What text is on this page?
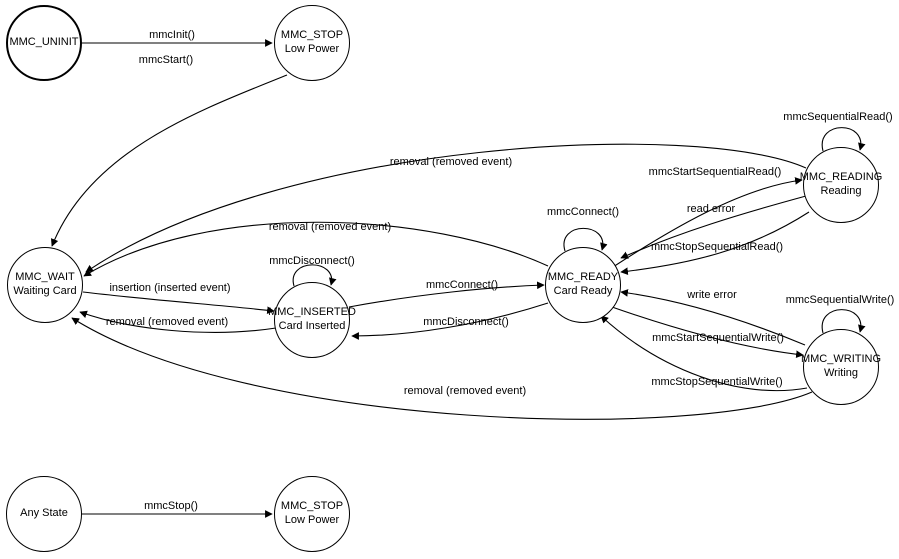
MMC_UNINIT
MMC_STOP
Low Power
MMC_WAIT
Waiting Card
MMC_INSERTED
Card Inserted
MMC_READY
Card Ready
MMC_READING
Reading
MMC_WRITING
Writing
Any State
MMC_STOP
Low Power
mmcInit()
mmcStart()
removal (removed event)
removal (removed event)
insertion (inserted event)
removal (removed event)
removal (removed event)
mmcDisconnect()
mmcConnect()
mmcDisconnect()
mmcConnect()
mmcStartSequentialRead()
read error
mmcStopSequentialRead()
write error
mmcStartSequentialWrite()
mmcStopSequentialWrite()
mmcSequentialRead()
mmcSequentialWrite()
mmcStop()
